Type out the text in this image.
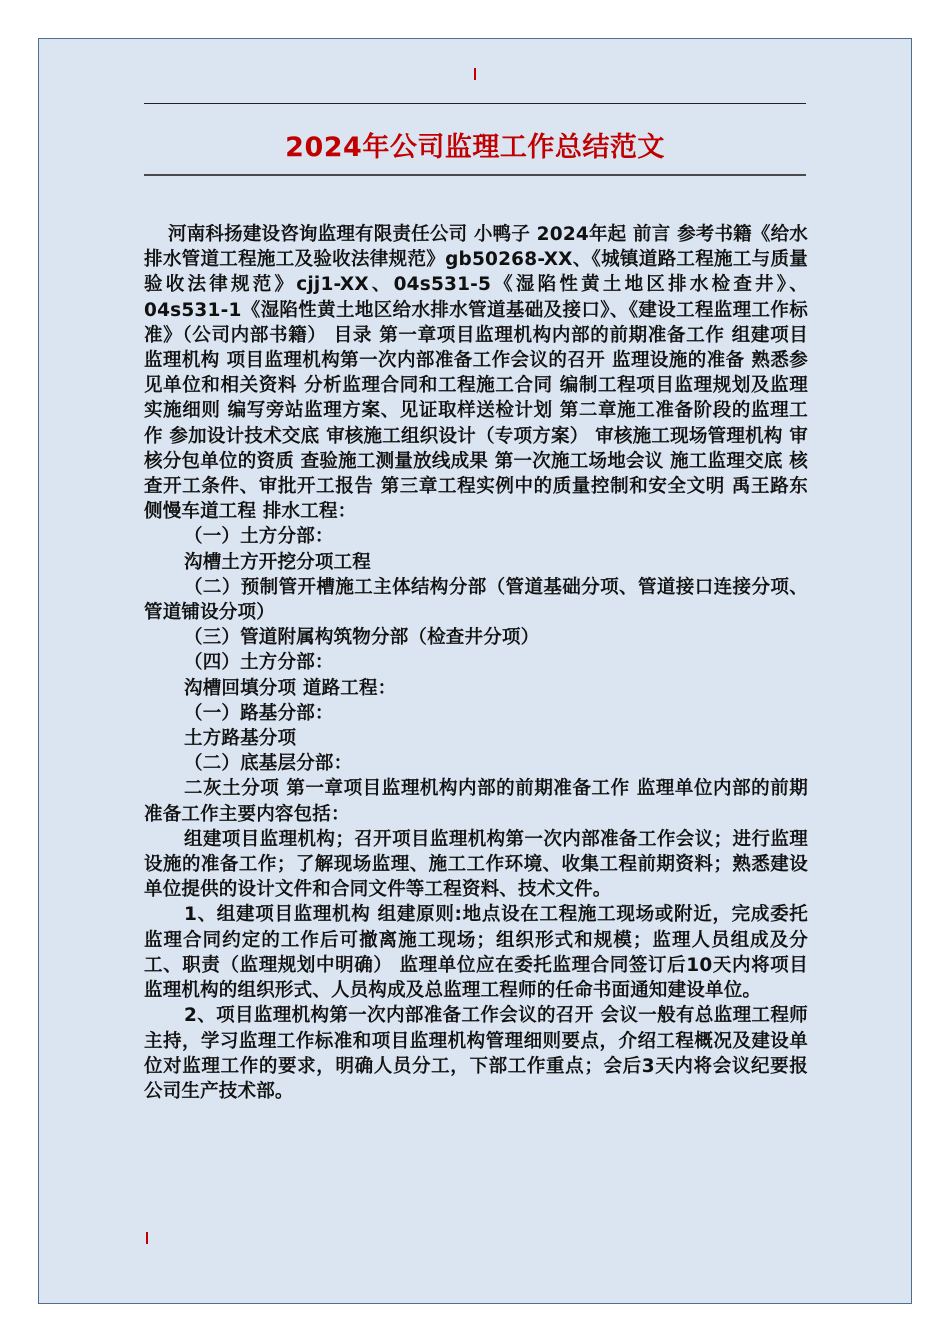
2024年公司监理工作总结范文

河南科扬建设咨询监理有限责任公司 小鸭子 2024年起 前言 参考书籍《给水排水管道工程施工及验收法律规范》gb50268-XX、《城镇道路工程施工与质量验收法律规范》cjj1-XX、04s531-5《湿陷性黄土地区排水检查井》、04s531-1《湿陷性黄土地区给水排水管道基础及接口》、《建设工程监理工作标准》（公司内部书籍） 目录 第一章项目监理机构内部的前期准备工作 组建项目监理机构 项目监理机构第一次内部准备工作会议的召开 监理设施的准备 熟悉参见单位和相关资料 分析监理合同和工程施工合同 编制工程项目监理规划及监理实施细则 编写旁站监理方案、见证取样送检计划 第二章施工准备阶段的监理工作 参加设计技术交底 审核施工组织设计（专项方案） 审核施工现场管理机构 审核分包单位的资质 查验施工测量放线成果 第一次施工场地会议 施工监理交底 核查开工条件、审批开工报告 第三章工程实例中的质量控制和安全文明 禹王路东侧慢车道工程 排水工程：

（一）土方分部：

沟槽土方开挖分项工程

（二）预制管开槽施工主体结构分部（管道基础分项、管道接口连接分项、管道铺设分项）

（三）管道附属构筑物分部（检查井分项）

（四）土方分部：

沟槽回填分项 道路工程：

（一）路基分部：

土方路基分项

（二）底基层分部：

二灰土分项 第一章项目监理机构内部的前期准备工作 监理单位内部的前期准备工作主要内容包括：

组建项目监理机构；召开项目监理机构第一次内部准备工作会议；进行监理设施的准备工作；了解现场监理、施工工作环境、收集工程前期资料；熟悉建设单位提供的设计文件和合同文件等工程资料、技术文件。

1、组建项目监理机构 组建原则:地点设在工程施工现场或附近，完成委托监理合同约定的工作后可撤离施工现场；组织形式和规模；监理人员组成及分工、职责（监理规划中明确） 监理单位应在委托监理合同签订后10天内将项目监理机构的组织形式、人员构成及总监理工程师的任命书面通知建设单位。

2、项目监理机构第一次内部准备工作会议的召开 会议一般有总监理工程师主持，学习监理工作标准和项目监理机构管理细则要点，介绍工程概况及建设单位对监理工作的要求，明确人员分工，下部工作重点；会后3天内将会议纪要报公司生产技术部。
